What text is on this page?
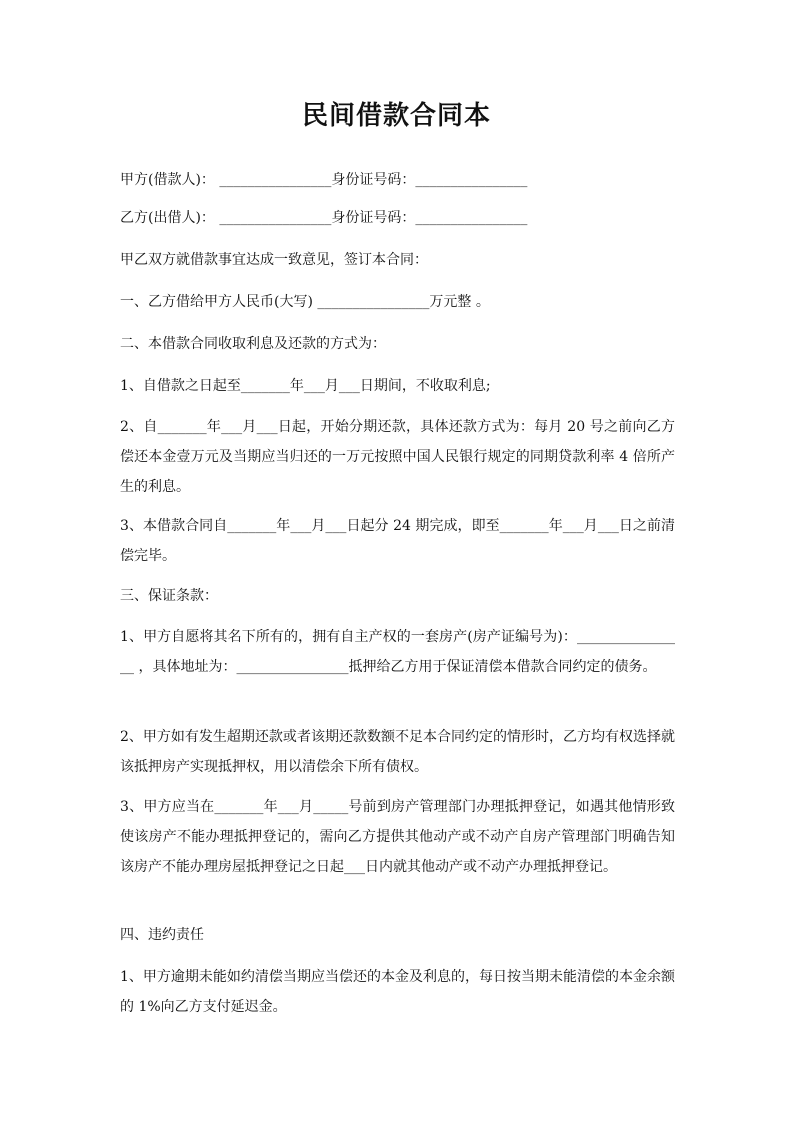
民间借款合同本
甲方(借款人)： ________________身份证号码：________________
乙方(出借人)： ________________身份证号码：________________
甲乙双方就借款事宜达成一致意见，签订本合同：
一、乙方借给甲方人民币(大写) ________________万元整 。
二、本借款合同收取利息及还款的方式为：
1、自借款之日起至_______年___月___日期间，不收取利息;
2、自_______年___月___日起，开始分期还款，具体还款方式为：每月 20 号之前向乙方偿还本金壹万元及当期应当归还的一万元按照中国人民银行规定的同期贷款利率 4 倍所产生的利息。
3、本借款合同自_______年___月___日起分 24 期完成，即至_______年___月___日之前清偿完毕。
三、保证条款：
1、甲方自愿将其名下所有的，拥有自主产权的一套房产(房产证编号为)：________________ ，具体地址为：________________抵押给乙方用于保证清偿本借款合同约定的债务。
2、甲方如有发生超期还款或者该期还款数额不足本合同约定的情形时，乙方均有权选择就该抵押房产实现抵押权，用以清偿余下所有债权。
3、甲方应当在_______年___月_____号前到房产管理部门办理抵押登记，如遇其他情形致使该房产不能办理抵押登记的，需向乙方提供其他动产或不动产自房产管理部门明确告知该房产不能办理房屋抵押登记之日起___日内就其他动产或不动产办理抵押登记。
四、违约责任
1、甲方逾期未能如约清偿当期应当偿还的本金及利息的，每日按当期未能清偿的本金余额的 1%向乙方支付延迟金。
